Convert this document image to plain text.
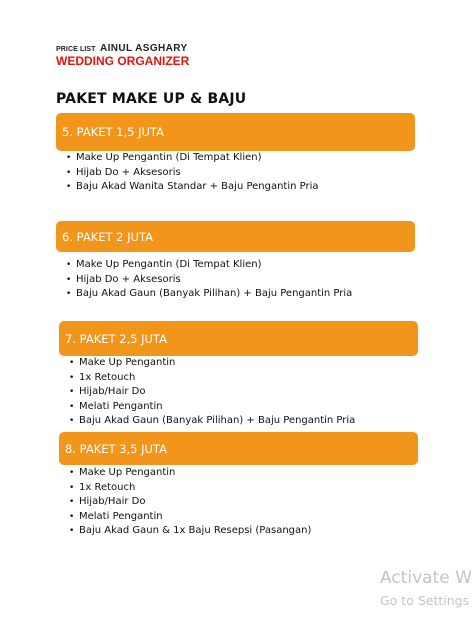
PRICE LIST AINUL ASGHARY
WEDDING ORGANIZER
PAKET MAKE UP & BAJU
5. PAKET 1,5 JUTA
• Make Up Pengantin (Di Tempat Klien)
• Hijab Do + Aksesoris
• Baju Akad Wanita Standar + Baju Pengantin Pria
6. PAKET 2 JUTA
• Make Up Pengantin (Di Tempat Klien)
• Hijab Do + Aksesoris
• Baju Akad Gaun (Banyak Pilihan) + Baju Pengantin Pria
7. PAKET 2,5 JUTA
• Make Up Pengantin
• 1x Retouch
• Hijab/Hair Do
• Melati Pengantin
• Baju Akad Gaun (Banyak Pilihan) + Baju Pengantin Pria
8. PAKET 3,5 JUTA
• Make Up Pengantin
• 1x Retouch
• Hijab/Hair Do
• Melati Pengantin
• Baju Akad Gaun & 1x Baju Resepsi (Pasangan)
Activate W
Go to Settings
